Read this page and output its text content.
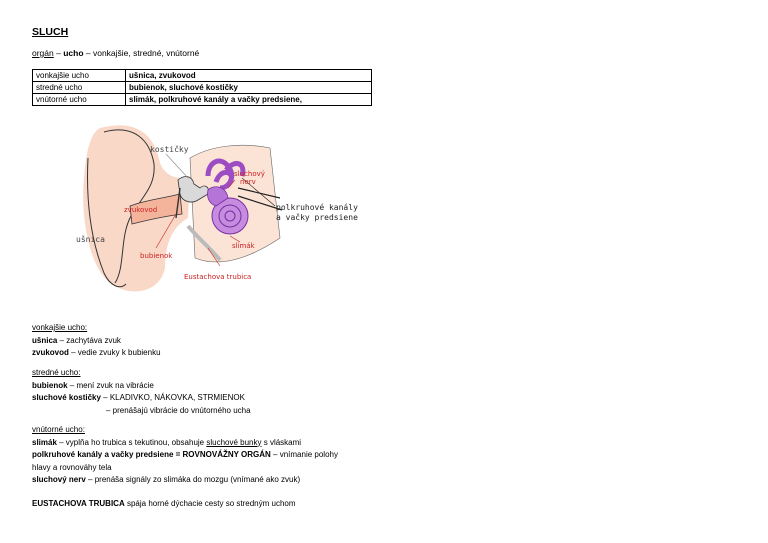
SLUCH
orgán – ucho – vonkajšie, stredné, vnútorné
vonkajšie ucho	ušnica, zvukovod
stredné ucho	bubienok, sluchové kostičky
vnútorné ucho	slimák, polkruhové kanály a vačky predsiene,
kostičky
sluchový
nerv
polkruhové kanály
a vačky predsiene
zvukovod
ušnica
slimák
bubienok
Eustachova trubica
vonkajšie ucho:
ušnica – zachytáva zvuk
zvukovod – vedie zvuky k bubienku
stredné ucho:
bubienok – mení zvuk na vibrácie
sluchové kostičky – KLADIVKO, NÁKOVKA, STRMIENOK
– prenášajú vibrácie do vnútorného ucha
vnútorné ucho:
slimák – vyplňa ho trubica s tekutinou, obsahuje sluchové bunky s vláskami
polkruhové kanály a vačky predsiene = ROVNOVÁŽNY ORGÁN – vnímanie polohy
hlavy a rovnováhy tela
sluchový nerv – prenáša signály zo slimáka do mozgu (vnímané ako zvuk)
EUSTACHOVA TRUBICA spája horné dýchacie cesty so stredným uchom
